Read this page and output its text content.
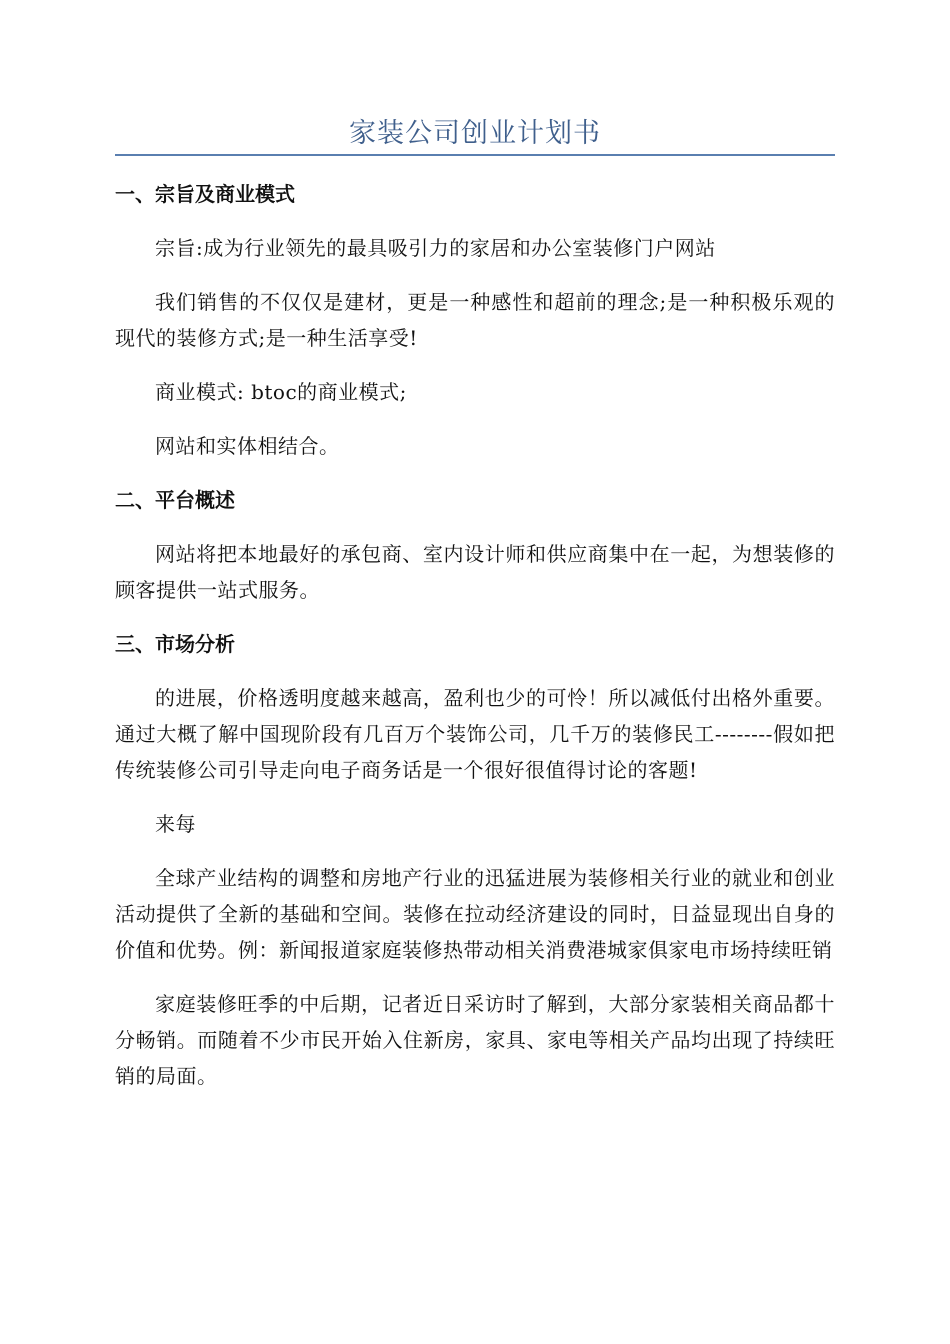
家装公司创业计划书
一、宗旨及商业模式

宗旨:成为行业领先的最具吸引力的家居和办公室装修门户网站

我们销售的不仅仅是建材，更是一种感性和超前的理念;是一种积极乐观的现代的装修方式;是一种生活享受!

商业模式: btoc的商业模式;

网站和实体相结合。

二、平台概述

网站将把本地最好的承包商、室内设计师和供应商集中在一起，为想装修的顾客提供一站式服务。

三、市场分析

的进展，价格透明度越来越高，盈利也少的可怜！所以减低付出格外重要。通过大概了解中国现阶段有几百万个装饰公司，几千万的装修民工--------假如把传统装修公司引导走向电子商务话是一个很好很值得讨论的客题!

来每

全球产业结构的调整和房地产行业的迅猛进展为装修相关行业的就业和创业活动提供了全新的基础和空间。装修在拉动经济建设的同时，日益显现出自身的价值和优势。例：新闻报道家庭装修热带动相关消费港城家俱家电市场持续旺销

家庭装修旺季的中后期，记者近日采访时了解到，大部分家装相关商品都十分畅销。而随着不少市民开始入住新房，家具、家电等相关产品均出现了持续旺销的局面。
